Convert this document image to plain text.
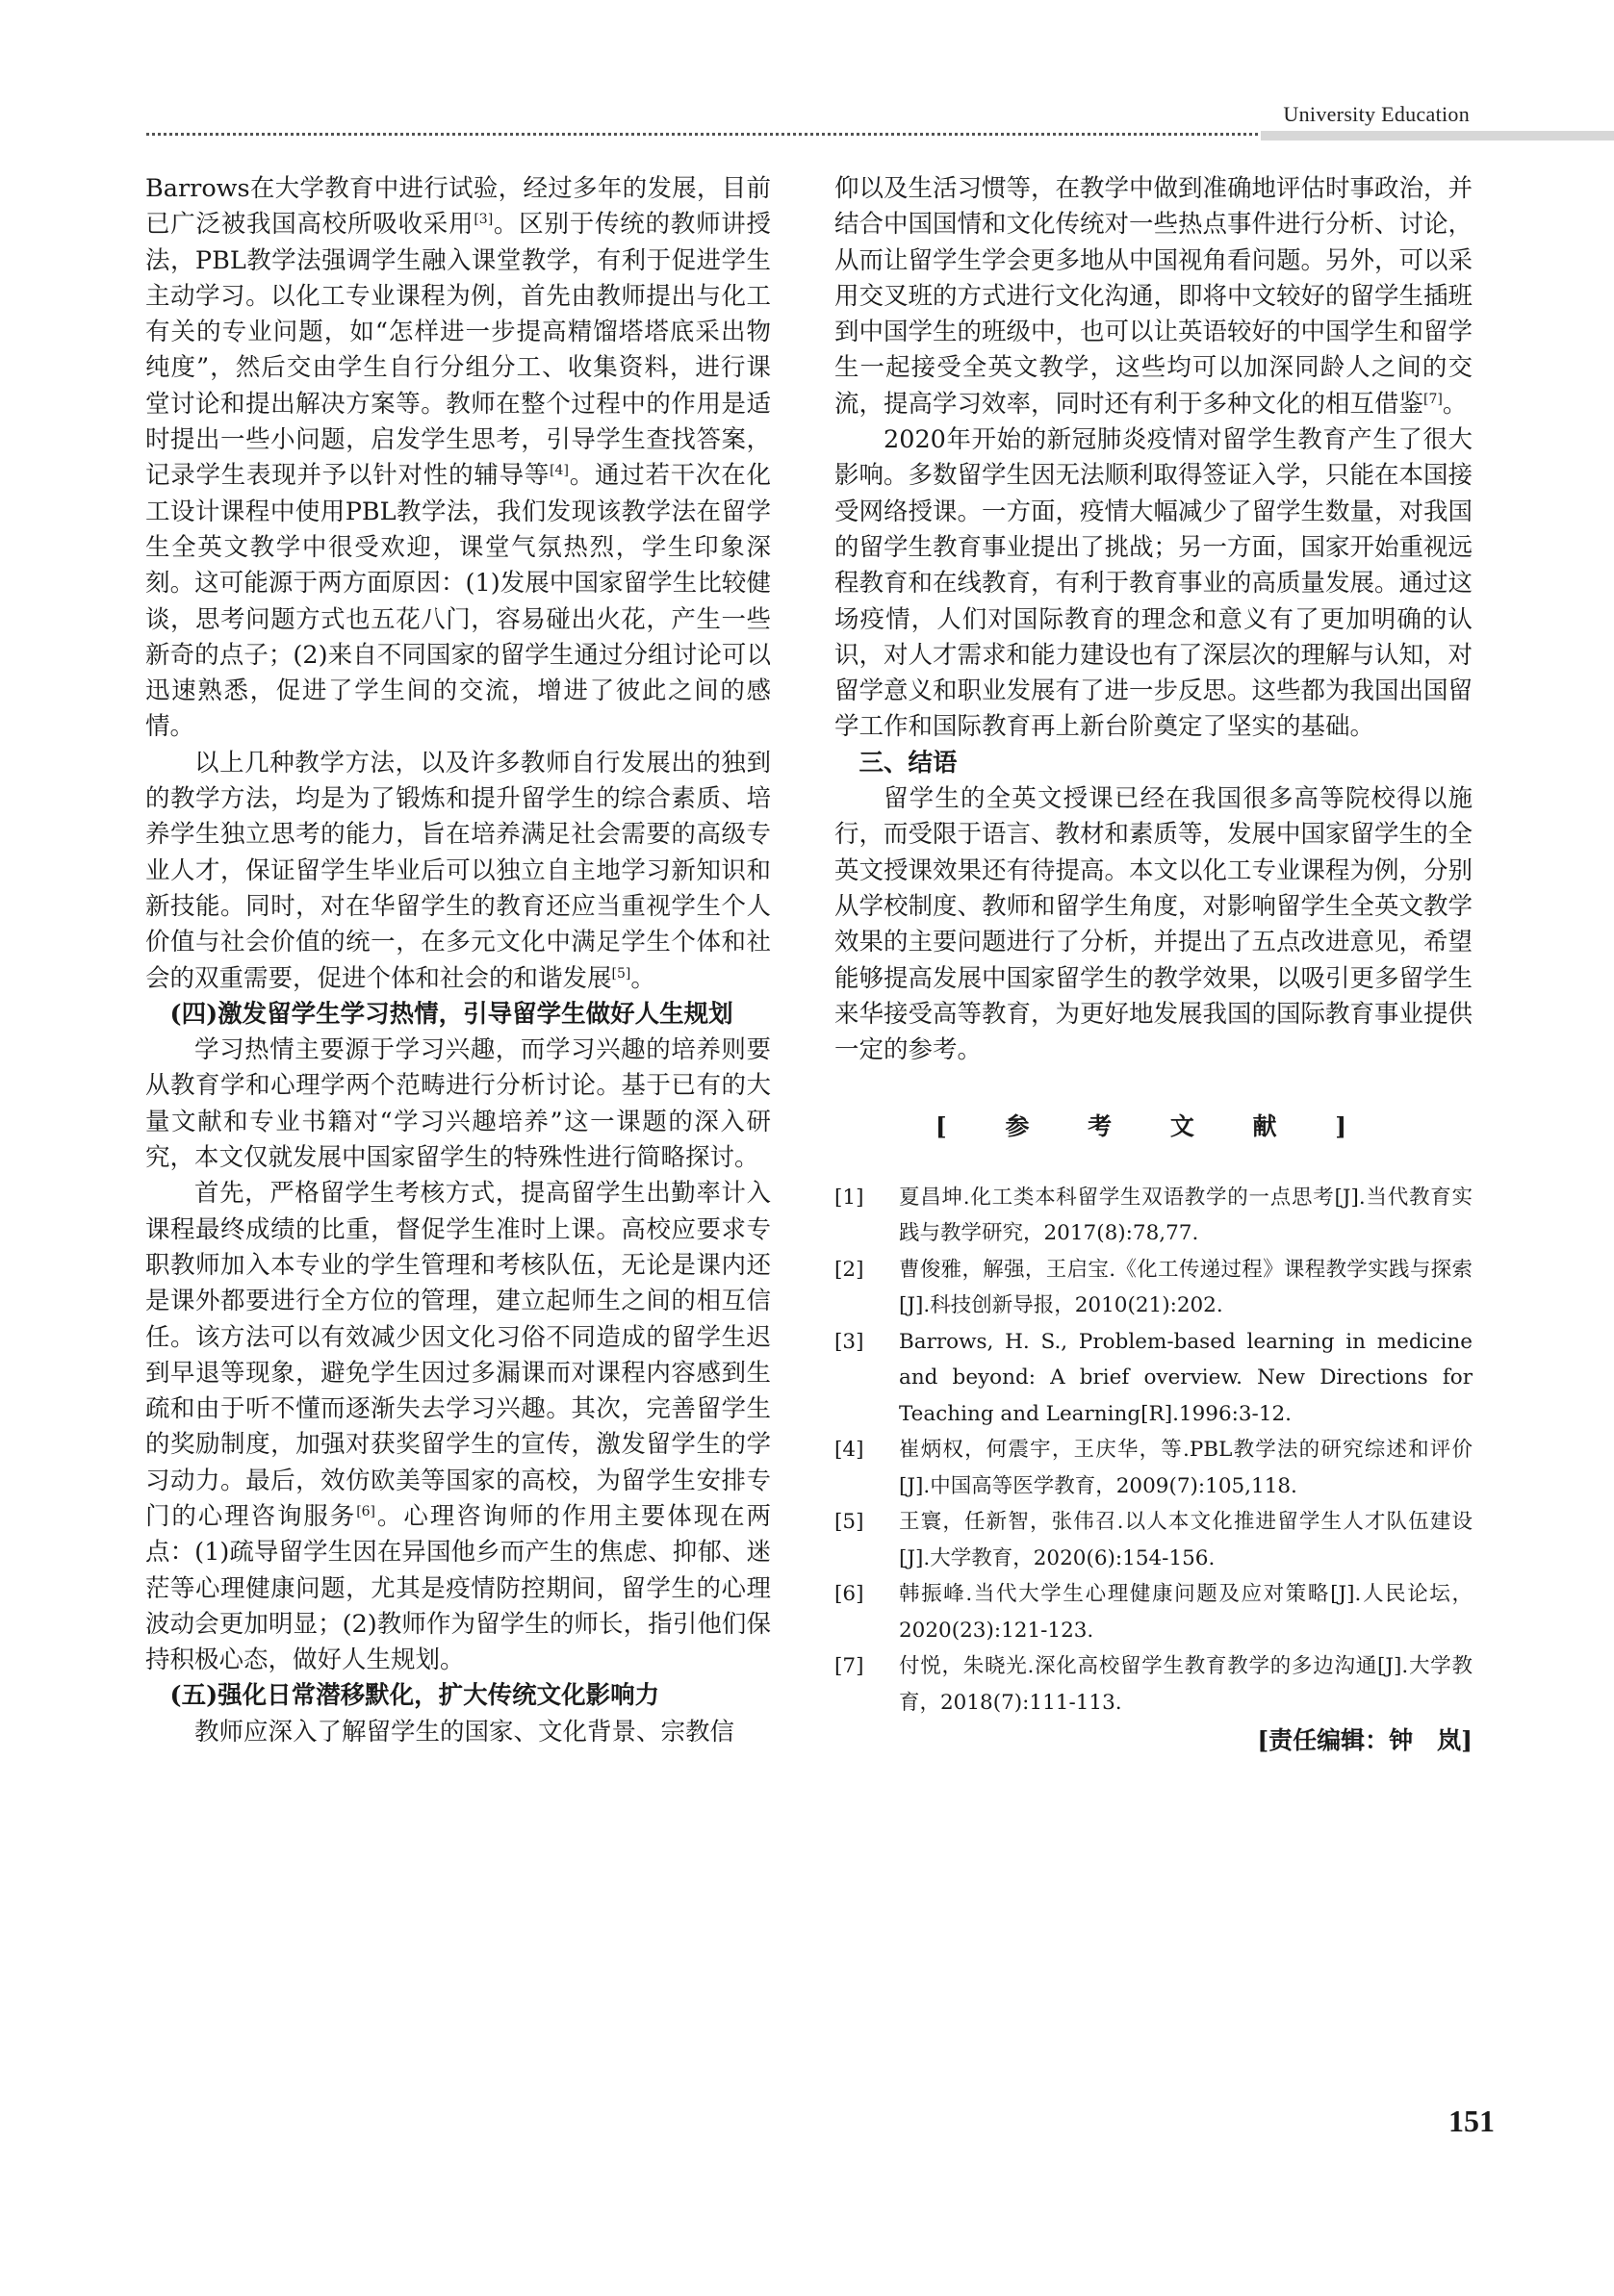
University Education

Barrows在大学教育中进行试验，经过多年的发展，目前已广泛被我国高校所吸收采用[3]。区别于传统的教师讲授法，PBL教学法强调学生融入课堂教学，有利于促进学生主动学习。以化工专业课程为例，首先由教师提出与化工有关的专业问题，如“怎样进一步提高精馏塔塔底采出物纯度”，然后交由学生自行分组分工、收集资料，进行课堂讨论和提出解决方案等。教师在整个过程中的作用是适时提出一些小问题，启发学生思考，引导学生查找答案，记录学生表现并予以针对性的辅导等[4]。通过若干次在化工设计课程中使用PBL教学法，我们发现该教学法在留学生全英文教学中很受欢迎，课堂气氛热烈，学生印象深刻。这可能源于两方面原因：(1)发展中国家留学生比较健谈，思考问题方式也五花八门，容易碰出火花，产生一些新奇的点子；(2)来自不同国家的留学生通过分组讨论可以迅速熟悉，促进了学生间的交流，增进了彼此之间的感情。

以上几种教学方法，以及许多教师自行发展出的独到的教学方法，均是为了锻炼和提升留学生的综合素质、培养学生独立思考的能力，旨在培养满足社会需要的高级专业人才，保证留学生毕业后可以独立自主地学习新知识和新技能。同时，对在华留学生的教育还应当重视学生个人价值与社会价值的统一，在多元文化中满足学生个体和社会的双重需要，促进个体和社会的和谐发展[5]。

(四)激发留学生学习热情，引导留学生做好人生规划

学习热情主要源于学习兴趣，而学习兴趣的培养则要从教育学和心理学两个范畴进行分析讨论。基于已有的大量文献和专业书籍对“学习兴趣培养”这一课题的深入研究，本文仅就发展中国家留学生的特殊性进行简略探讨。

首先，严格留学生考核方式，提高留学生出勤率计入课程最终成绩的比重，督促学生准时上课。高校应要求专职教师加入本专业的学生管理和考核队伍，无论是课内还是课外都要进行全方位的管理，建立起师生之间的相互信任。该方法可以有效减少因文化习俗不同造成的留学生迟到早退等现象，避免学生因过多漏课而对课程内容感到生疏和由于听不懂而逐渐失去学习兴趣。其次，完善留学生的奖励制度，加强对获奖留学生的宣传，激发留学生的学习动力。最后，效仿欧美等国家的高校，为留学生安排专门的心理咨询服务[6]。心理咨询师的作用主要体现在两点：(1)疏导留学生因在异国他乡而产生的焦虑、抑郁、迷茫等心理健康问题，尤其是疫情防控期间，留学生的心理波动会更加明显；(2)教师作为留学生的师长，指引他们保持积极心态，做好人生规划。

(五)强化日常潜移默化，扩大传统文化影响力

教师应深入了解留学生的国家、文化背景、宗教信

仰以及生活习惯等，在教学中做到准确地评估时事政治，并结合中国国情和文化传统对一些热点事件进行分析、讨论，从而让留学生学会更多地从中国视角看问题。另外，可以采用交叉班的方式进行文化沟通，即将中文较好的留学生插班到中国学生的班级中，也可以让英语较好的中国学生和留学生一起接受全英文教学，这些均可以加深同龄人之间的交流，提高学习效率，同时还有利于多种文化的相互借鉴[7]。

2020年开始的新冠肺炎疫情对留学生教育产生了很大影响。多数留学生因无法顺利取得签证入学，只能在本国接受网络授课。一方面，疫情大幅减少了留学生数量，对我国的留学生教育事业提出了挑战；另一方面，国家开始重视远程教育和在线教育，有利于教育事业的高质量发展。通过这场疫情，人们对国际教育的理念和意义有了更加明确的认识，对人才需求和能力建设也有了深层次的理解与认知，对留学意义和职业发展有了进一步反思。这些都为我国出国留学工作和国际教育再上新台阶奠定了坚实的基础。

三、结语

留学生的全英文授课已经在我国很多高等院校得以施行，而受限于语言、教材和素质等，发展中国家留学生的全英文授课效果还有待提高。本文以化工专业课程为例，分别从学校制度、教师和留学生角度，对影响留学生全英文教学效果的主要问题进行了分析，并提出了五点改进意见，希望能够提高发展中国家留学生的教学效果，以吸引更多留学生来华接受高等教育，为更好地发展我国的国际教育事业提供一定的参考。

[ 参 考 文 献 ]
[1] 夏昌坤.化工类本科留学生双语教学的一点思考[J].当代教育实践与教学研究，2017(8):78,77.
[2] 曹俊雅，解强，王启宝.《化工传递过程》课程教学实践与探索[J].科技创新导报，2010(21):202.
[3] Barrows, H. S., Problem-based learning in medicine and beyond: A brief overview. New Directions for Teaching and Learning[R].1996:3-12.
[4] 崔炳权，何震宇，王庆华，等.PBL教学法的研究综述和评价[J].中国高等医学教育，2009(7):105,118.
[5] 王寰，任新智，张伟召.以人本文化推进留学生人才队伍建设[J].大学教育，2020(6):154-156.
[6] 韩振峰.当代大学生心理健康问题及应对策略[J].人民论坛，2020(23):121-123.
[7] 付悦，朱晓光.深化高校留学生教育教学的多边沟通[J].大学教育，2018(7):111-113.
[责任编辑：钟　岚]
151
